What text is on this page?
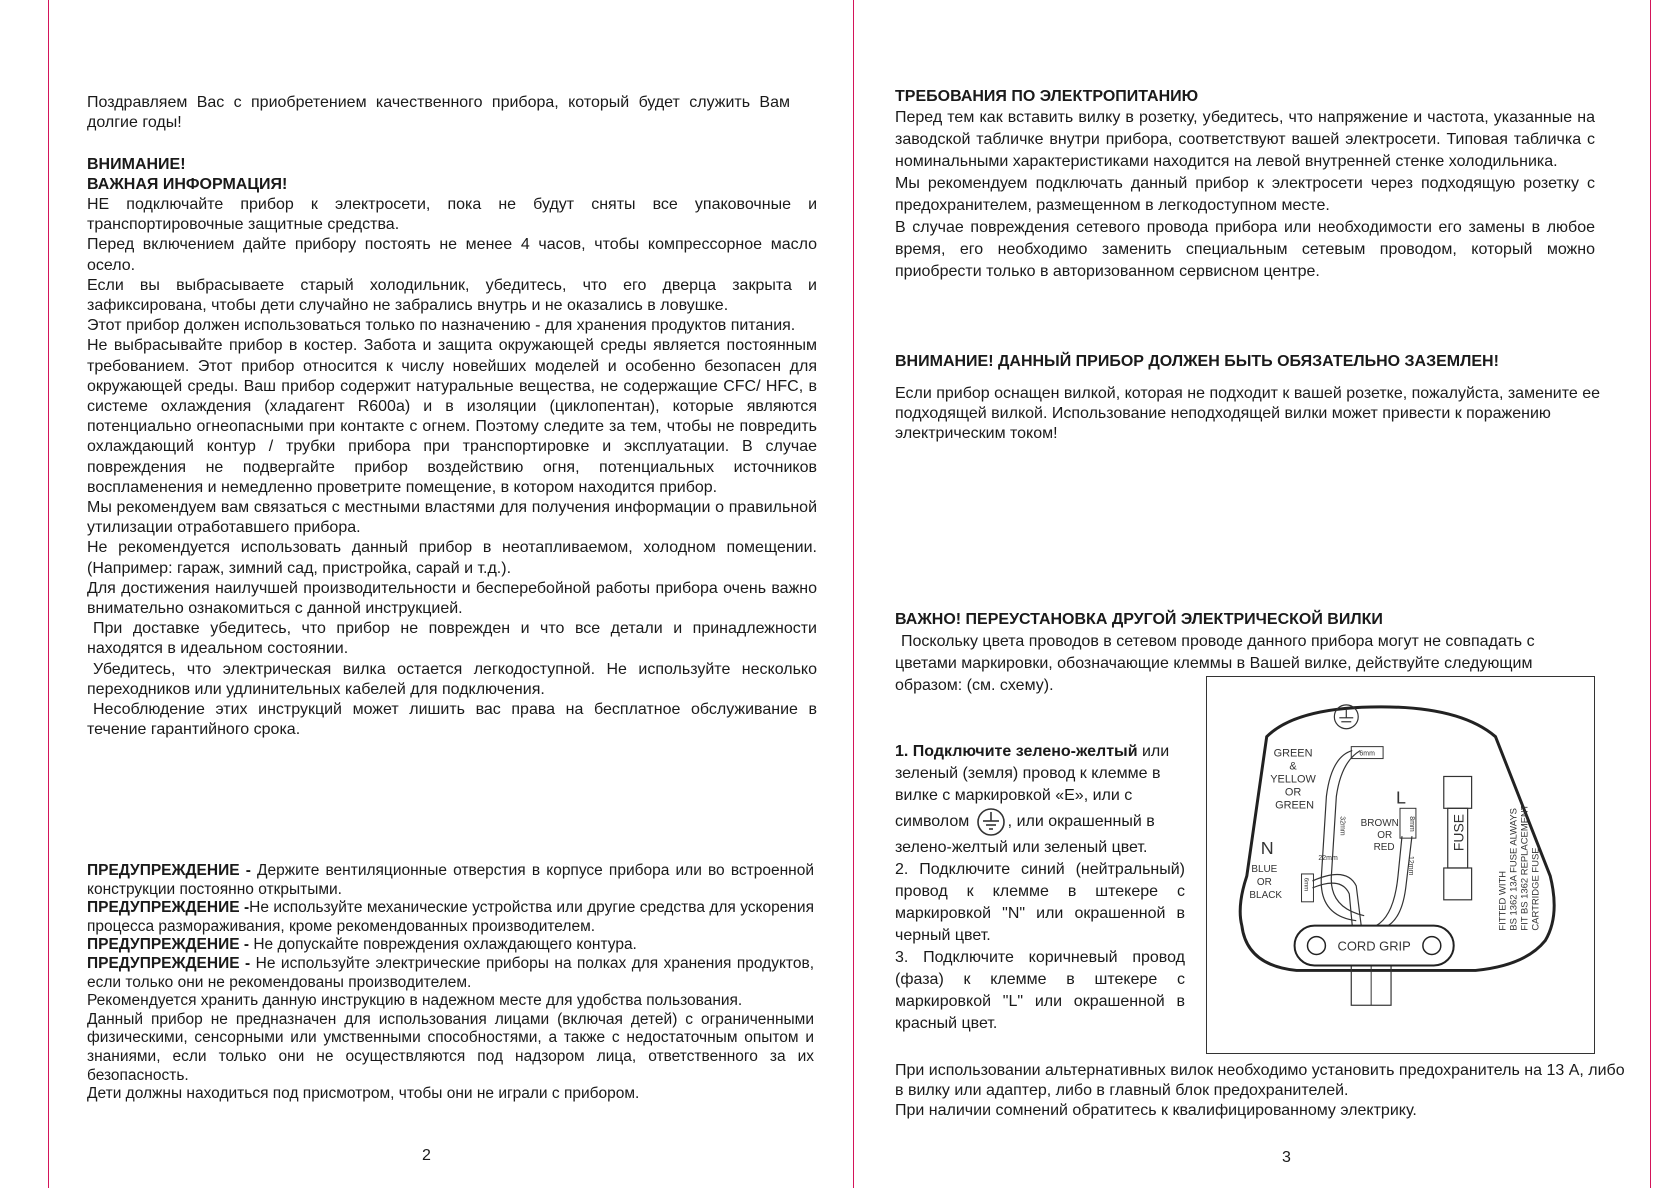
Поздравляем Вас с приобретением качественного прибора, который будет служить Вам долгие годы!
ВНИМАНИЕ!
ВАЖНАЯ ИНФОРМАЦИЯ!

НЕ подключайте прибор к электросети, пока не будут сняты все упаковочные и транспортировочные защитные средства.

Перед включением дайте прибору постоять не менее 4 часов, чтобы компрессорное масло осело.

Если вы выбрасываете старый холодильник, убедитесь, что его дверца закрыта и зафиксирована, чтобы дети случайно не забрались внутрь и не оказались в ловушке.

Этот прибор должен использоваться только по назначению - для хранения продуктов питания.

Не выбрасывайте прибор в костер. Забота и защита окружающей среды является постоянным требованием. Этот прибор относится к числу новейших моделей и особенно безопасен для окружающей среды. Ваш прибор содержит натуральные вещества, не содержащие CFC/ HFC, в системе охлаждения (хладагент R600a) и в изоляции (циклопентан), которые являются потенциально огнеопасными при контакте с огнем. Поэтому следите за тем, чтобы не повредить охлаждающий контур / трубки прибора при транспортировке и эксплуатации. В случае повреждения не подвергайте прибор воздействию огня, потенциальных источников воспламенения и немедленно проветрите помещение, в котором находится прибор.

Мы рекомендуем вам связаться с местными властями для получения информации о правильной утилизации отработавшего прибора.

Не рекомендуется использовать данный прибор в неотапливаемом, холодном помещении. (Например: гараж, зимний сад, пристройка, сарай и т.д.).

Для достижения наилучшей производительности и бесперебойной работы прибора очень важно внимательно ознакомиться с данной инструкцией.

При доставке убедитесь, что прибор не поврежден и что все детали и принадлежности находятся в идеальном состоянии.

Убедитесь, что электрическая вилка остается легкодоступной. Не используйте несколько переходников или удлинительных кабелей для подключения.

Несоблюдение этих инструкций может лишить вас права на бесплатное обслуживание в течение гарантийного срока.

ПРЕДУПРЕЖДЕНИЕ - Держите вентиляционные отверстия в корпусе прибора или во встроенной конструкции постоянно открытыми.

ПРЕДУПРЕЖДЕНИЕ -Не используйте механические устройства или другие средства для ускорения процесса размораживания, кроме рекомендованных производителем.

ПРЕДУПРЕЖДЕНИЕ - Не допускайте повреждения охлаждающего контура.

ПРЕДУПРЕЖДЕНИЕ - Не используйте электрические приборы на полках для хранения продуктов, если только они не рекомендованы производителем.

Рекомендуется хранить данную инструкцию в надежном месте для удобства пользования.

Данный прибор не предназначен для использования лицами (включая детей) с ограниченными физическими, сенсорными или умственными способностями, а также с недостаточным опытом и знаниями, если только они не осуществляются под надзором лица, ответственного за их безопасность.

Дети должны находиться под присмотром, чтобы они не играли с прибором.

2
ТРЕБОВАНИЯ ПО ЭЛЕКТРОПИТАНИЮ

Перед тем как вставить вилку в розетку, убедитесь, что напряжение и частота, указанные на заводской табличке внутри прибора, соответствуют вашей электросети. Типовая табличка с номинальными характеристиками находится на левой внутренней стенке холодильника.

Мы рекомендуем подключать данный прибор к электросети через подходящую розетку с предохранителем, размещенном в легкодоступном месте.

В случае повреждения сетевого провода прибора или необходимости его замены в любое время, его необходимо заменить специальным сетевым проводом, который можно приобрести только в авторизованном сервисном центре.

ВНИМАНИЕ! ДАННЫЙ ПРИБОР ДОЛЖЕН БЫТЬ ОБЯЗАТЕЛЬНО ЗАЗЕМЛЕН!
Если прибор оснащен вилкой, которая не подходит к вашей розетке, пожалуйста, замените ее подходящей вилкой. Использование неподходящей вилки может привести к поражению электрическим током!
ВАЖНО! ПЕРЕУСТАНОВКА ДРУГОЙ ЭЛЕКТРИЧЕСКОЙ ВИЛКИ

Поскольку цвета проводов в сетевом проводе данного прибора могут не совпадать с цветами маркировки, обозначающие клеммы в Вашей вилке, действуйте следующим образом: (см. схему).

1. Подключите зелено-желтый или зеленый (земля) провод к клемме в вилке с маркировкой «E», или с символом , или окрашенный в зелено-желтый или зеленый цвет.

2. Подключите синий (нейтральный) провод к клемме в штекере с маркировкой "N" или окрашенной в черный цвет.

3. Подключите коричневый провод (фаза) к клемме в штекере с маркировкой "L" или окрашенной в красный цвет.

При использовании альтернативных вилок необходимо установить предохранитель на 13 А, либо в вилку или адаптер, либо в главный блок предохранителей.

При наличии сомнений обратитесь к квалифицированному электрику.

3
6mm
32mm
GREEN & YELLOW OR GREEN	L
8mm
BROWN OR RED
12mm
N
BLUE OR BLACK
6mm
22mm
CORD GRIP
FUSE
FITTED WITH BS 1362 13A FUSE ALWAYS FIT BS 1362 REPLACEMENT CARTRIDGE FUSE
